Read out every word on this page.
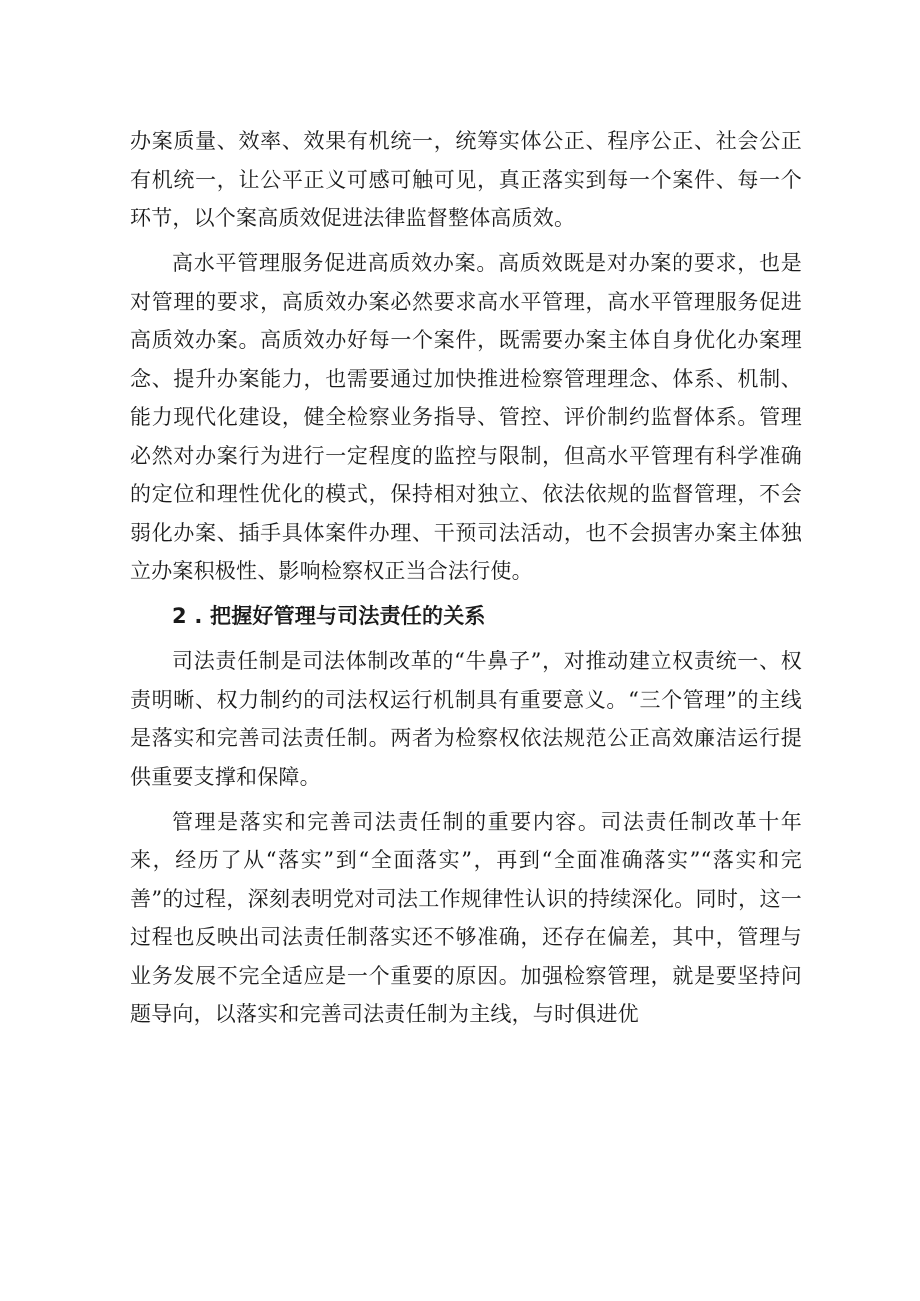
办案质量、效率、效果有机统一，统筹实体公正、程序公正、社会公正有机统一，让公平正义可感可触可见，真正落实到每一个案件、每一个环节，以个案高质效促进法律监督整体高质效。

高水平管理服务促进高质效办案。高质效既是对办案的要求，也是对管理的要求，高质效办案必然要求高水平管理，高水平管理服务促进高质效办案。高质效办好每一个案件，既需要办案主体自身优化办案理念、提升办案能力，也需要通过加快推进检察管理理念、体系、机制、能力现代化建设，健全检察业务指导、管控、评价制约监督体系。管理必然对办案行为进行一定程度的监控与限制，但高水平管理有科学准确的定位和理性优化的模式，保持相对独立、依法依规的监督管理，不会弱化办案、插手具体案件办理、干预司法活动，也不会损害办案主体独立办案积极性、影响检察权正当合法行使。

2 . 把握好管理与司法责任的关系

司法责任制是司法体制改革的“牛鼻子”，对推动建立权责统一、权责明晰、权力制约的司法权运行机制具有重要意义。“三个管理”的主线是落实和完善司法责任制。两者为检察权依法规范公正高效廉洁运行提供重要支撑和保障。

管理是落实和完善司法责任制的重要内容。司法责任制改革十年来，经历了从“落实”到“全面落实”，再到“全面准确落实”“落实和完善”的过程，深刻表明党对司法工作规律性认识的持续深化。同时，这一过程也反映出司法责任制落实还不够准确，还存在偏差，其中，管理与业务发展不完全适应是一个重要的原因。加强检察管理，就是要坚持问题导向，以落实和完善司法责任制为主线，与时俱进优
